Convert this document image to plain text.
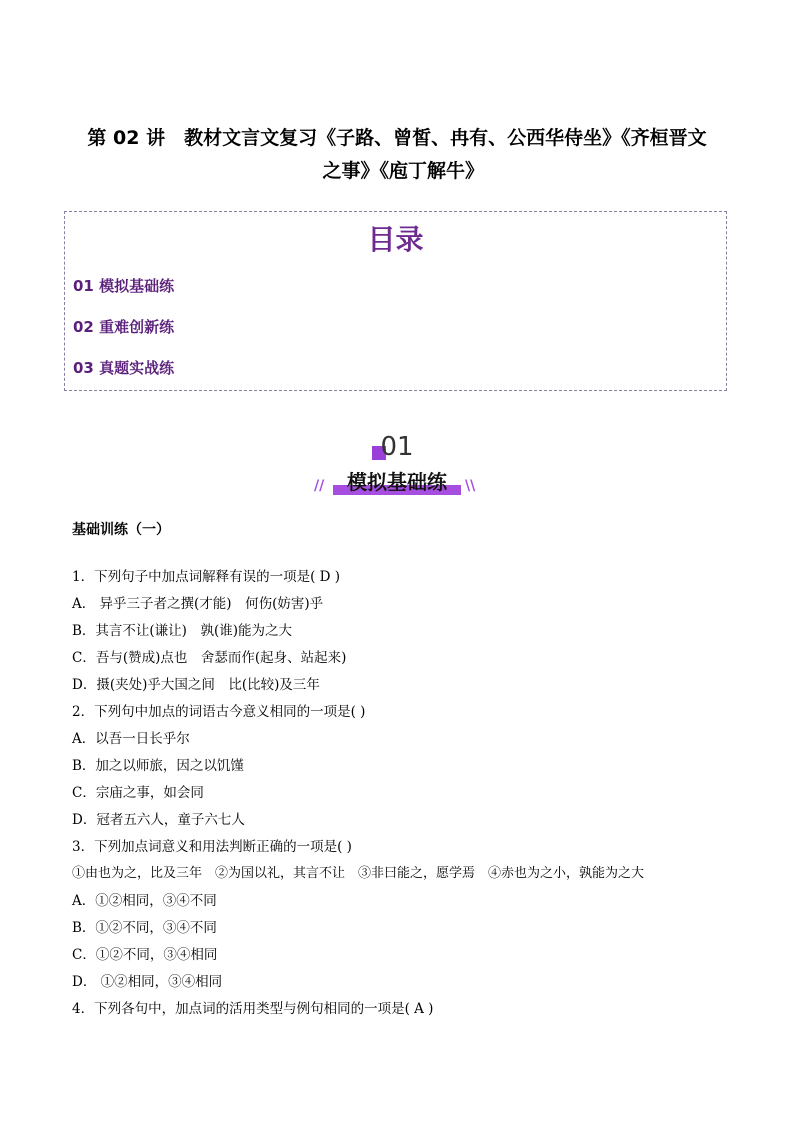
第 02 讲　教材文言文复习《子路、曾皙、冉有、公西华侍坐》《齐桓晋文
之事》《庖丁解牛》
目录
01 模拟基础练
02 重难创新练
03 真题实战练
01
//	\\
模拟基础练
基础训练（一）
1．下列句子中加点词解释有误的一项是( D )
A． 异乎三子者之撰(才能)　何伤(妨害)乎
B．其言不让(谦让)　孰(谁)能为之大
C．吾与(赞成)点也　舍瑟而作(起身、站起来)
D．摄(夹处)乎大国之间　比(比较)及三年
2．下列句中加点的词语古今意义相同的一项是( )
A．以吾一日长乎尔
B．加之以师旅，因之以饥馑
C．宗庙之事，如会同
D．冠者五六人，童子六七人
3．下列加点词意义和用法判断正确的一项是( )
①由也为之，比及三年　②为国以礼，其言不让　③非曰能之，愿学焉　④赤也为之小，孰能为之大
A．①②相同，③④不同
B．①②不同，③④不同
C．①②不同，③④相同
D． ①②相同，③④相同
4．下列各句中，加点词的活用类型与例句相同的一项是( A )
